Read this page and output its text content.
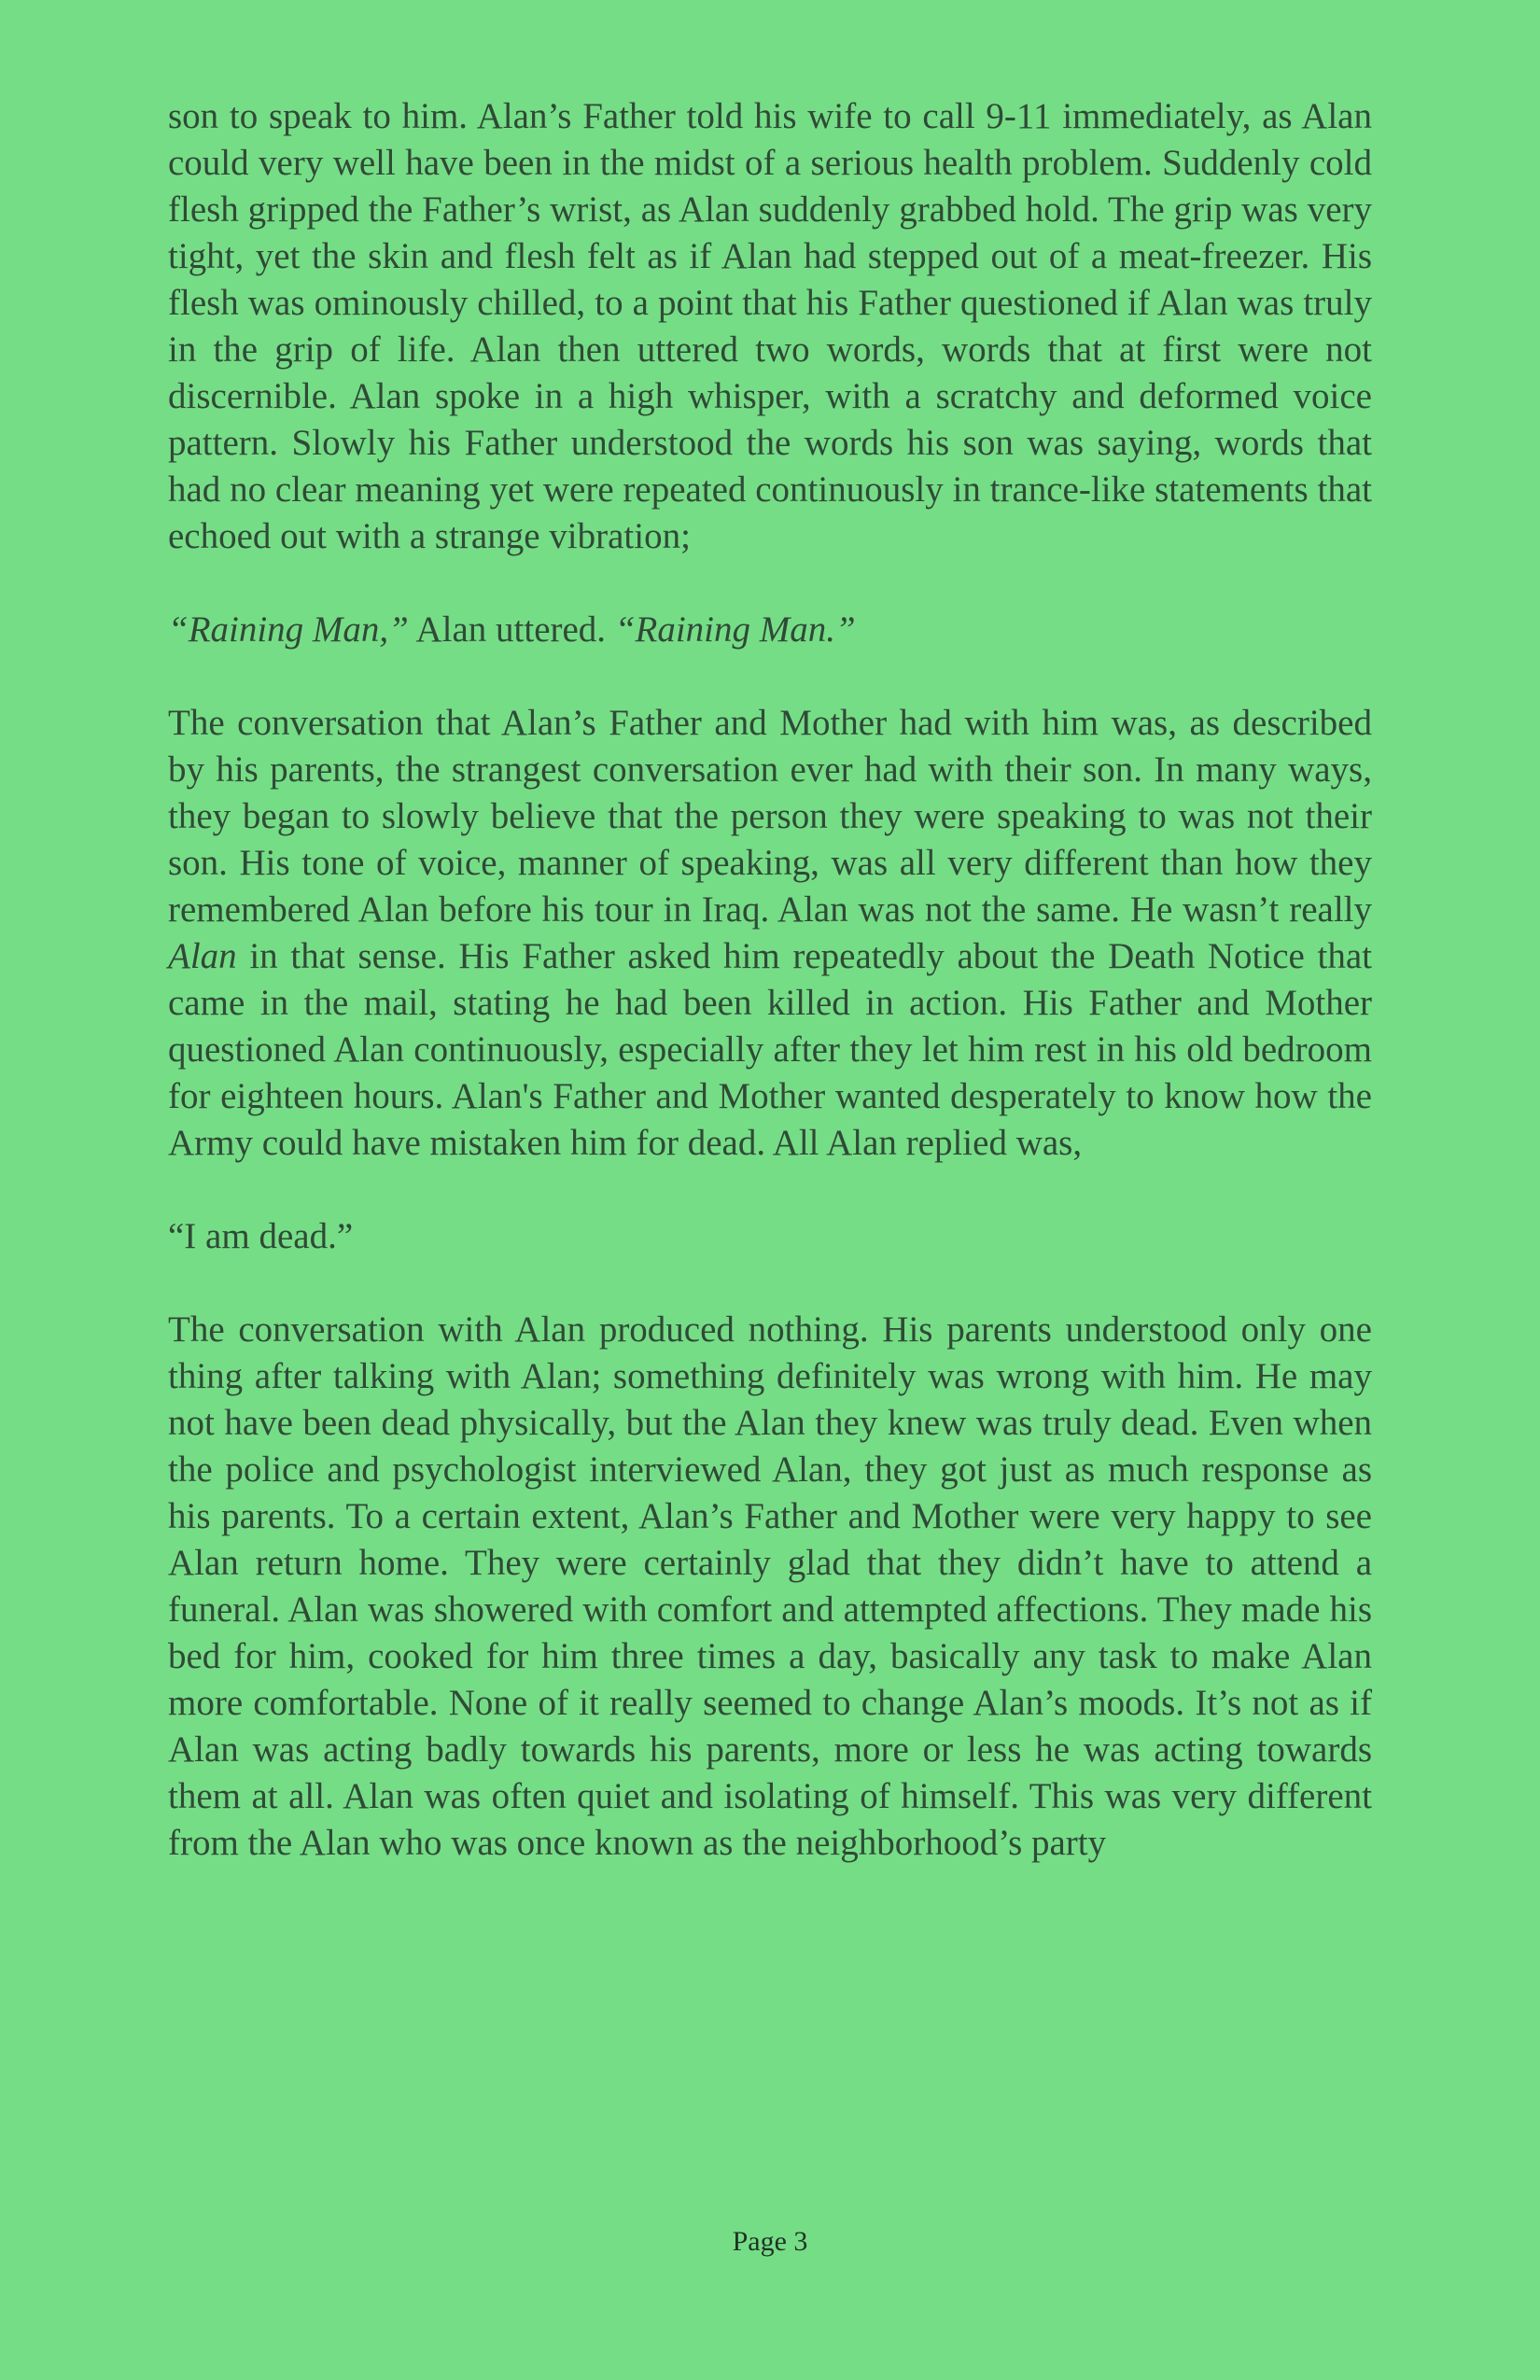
son to speak to him. Alan’s Father told his wife to call 9-11 immediately, as Alan could very well have been in the midst of a serious health problem. Suddenly cold flesh gripped the Father’s wrist, as Alan suddenly grabbed hold. The grip was very tight, yet the skin and flesh felt as if Alan had stepped out of a meat-freezer. His flesh was ominously chilled, to a point that his Father questioned if Alan was truly in the grip of life. Alan then uttered two words, words that at first were not discernible. Alan spoke in a high whisper, with a scratchy and deformed voice pattern. Slowly his Father understood the words his son was saying, words that had no clear meaning yet were repeated continuously in trance-like statements that echoed out with a strange vibration;

“Raining Man,” Alan uttered. “Raining Man.”

The conversation that Alan’s Father and Mother had with him was, as described by his parents, the strangest conversation ever had with their son. In many ways, they began to slowly believe that the person they were speaking to was not their son. His tone of voice, manner of speaking, was all very different than how they remembered Alan before his tour in Iraq. Alan was not the same. He wasn’t really Alan in that sense. His Father asked him repeatedly about the Death Notice that came in the mail, stating he had been killed in action. His Father and Mother questioned Alan continuously, especially after they let him rest in his old bedroom for eighteen hours. Alan's Father and Mother wanted desperately to know how the Army could have mistaken him for dead. All Alan replied was,

“I am dead.”

The conversation with Alan produced nothing. His parents understood only one thing after talking with Alan; something definitely was wrong with him. He may not have been dead physically, but the Alan they knew was truly dead. Even when the police and psychologist interviewed Alan, they got just as much response as his parents. To a certain extent, Alan’s Father and Mother were very happy to see Alan return home. They were certainly glad that they didn’t have to attend a funeral. Alan was showered with comfort and attempted affections. They made his bed for him, cooked for him three times a day, basically any task to make Alan more comfortable. None of it really seemed to change Alan’s moods. It’s not as if Alan was acting badly towards his parents, more or less he was acting towards them at all. Alan was often quiet and isolating of himself. This was very different from the Alan who was once known as the neighborhood’s party

Page 3
